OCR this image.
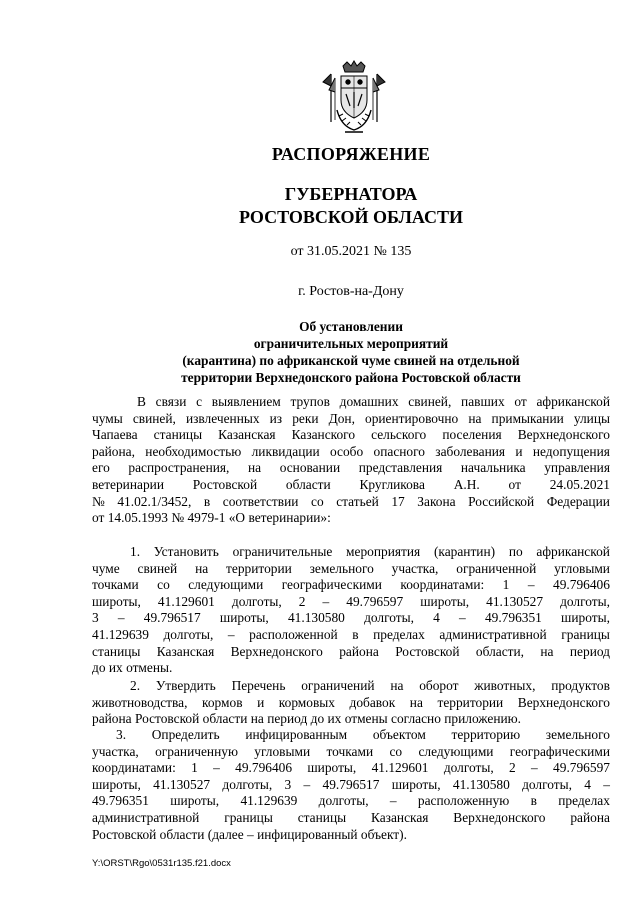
РАСПОРЯЖЕНИЕ
ГУБЕРНАТОРА
РОСТОВСКОЙ ОБЛАСТИ
от 31.05.2021 № 135
г. Ростов-на-Дону
Об установлении
ограничительных мероприятий
(карантина) по африканской чуме свиней на отдельной
территории Верхнедонского района Ростовской области
В связи с выявлением трупов домашних свиней, павших от африканской
чумы свиней, извлеченных из реки Дон, ориентировочно на примыкании улицы
Чапаева станицы Казанская Казанского сельского поселения Верхнедонского
района, необходимостью ликвидации особо опасного заболевания и недопущения
его распространения, на основании представления начальника управления
ветеринарии Ростовской области Кругликова А.Н. от 24.05.2021
№ 41.02.1/3452, в соответствии со статьей 17 Закона Российской Федерации
от 14.05.1993 № 4979-1 «О ветеринарии»:
1. Установить ограничительные мероприятия (карантин) по африканской
чуме свиней на территории земельного участка, ограниченной угловыми
точками со следующими географическими координатами: 1 – 49.796406
широты, 41.129601 долготы, 2 – 49.796597 широты, 41.130527 долготы,
3 – 49.796517 широты, 41.130580 долготы, 4 – 49.796351 широты,
41.129639 долготы, – расположенной в пределах административной границы
станицы Казанская Верхнедонского района Ростовской области, на период
до их отмены.
2. Утвердить Перечень ограничений на оборот животных, продуктов
животноводства, кормов и кормовых добавок на территории Верхнедонского
района Ростовской области на период до их отмены согласно приложению.
3. Определить инфицированным объектом территорию земельного
участка, ограниченную угловыми точками со следующими географическими
координатами: 1 – 49.796406 широты, 41.129601 долготы, 2 – 49.796597
широты, 41.130527 долготы, 3 – 49.796517 широты, 41.130580 долготы, 4 –
49.796351 широты, 41.129639 долготы, – расположенную в пределах
административной границы станицы Казанская Верхнедонского района
Ростовской области (далее – инфицированный объект).
Y:\ORST\Rgo\0531r135.f21.docx
